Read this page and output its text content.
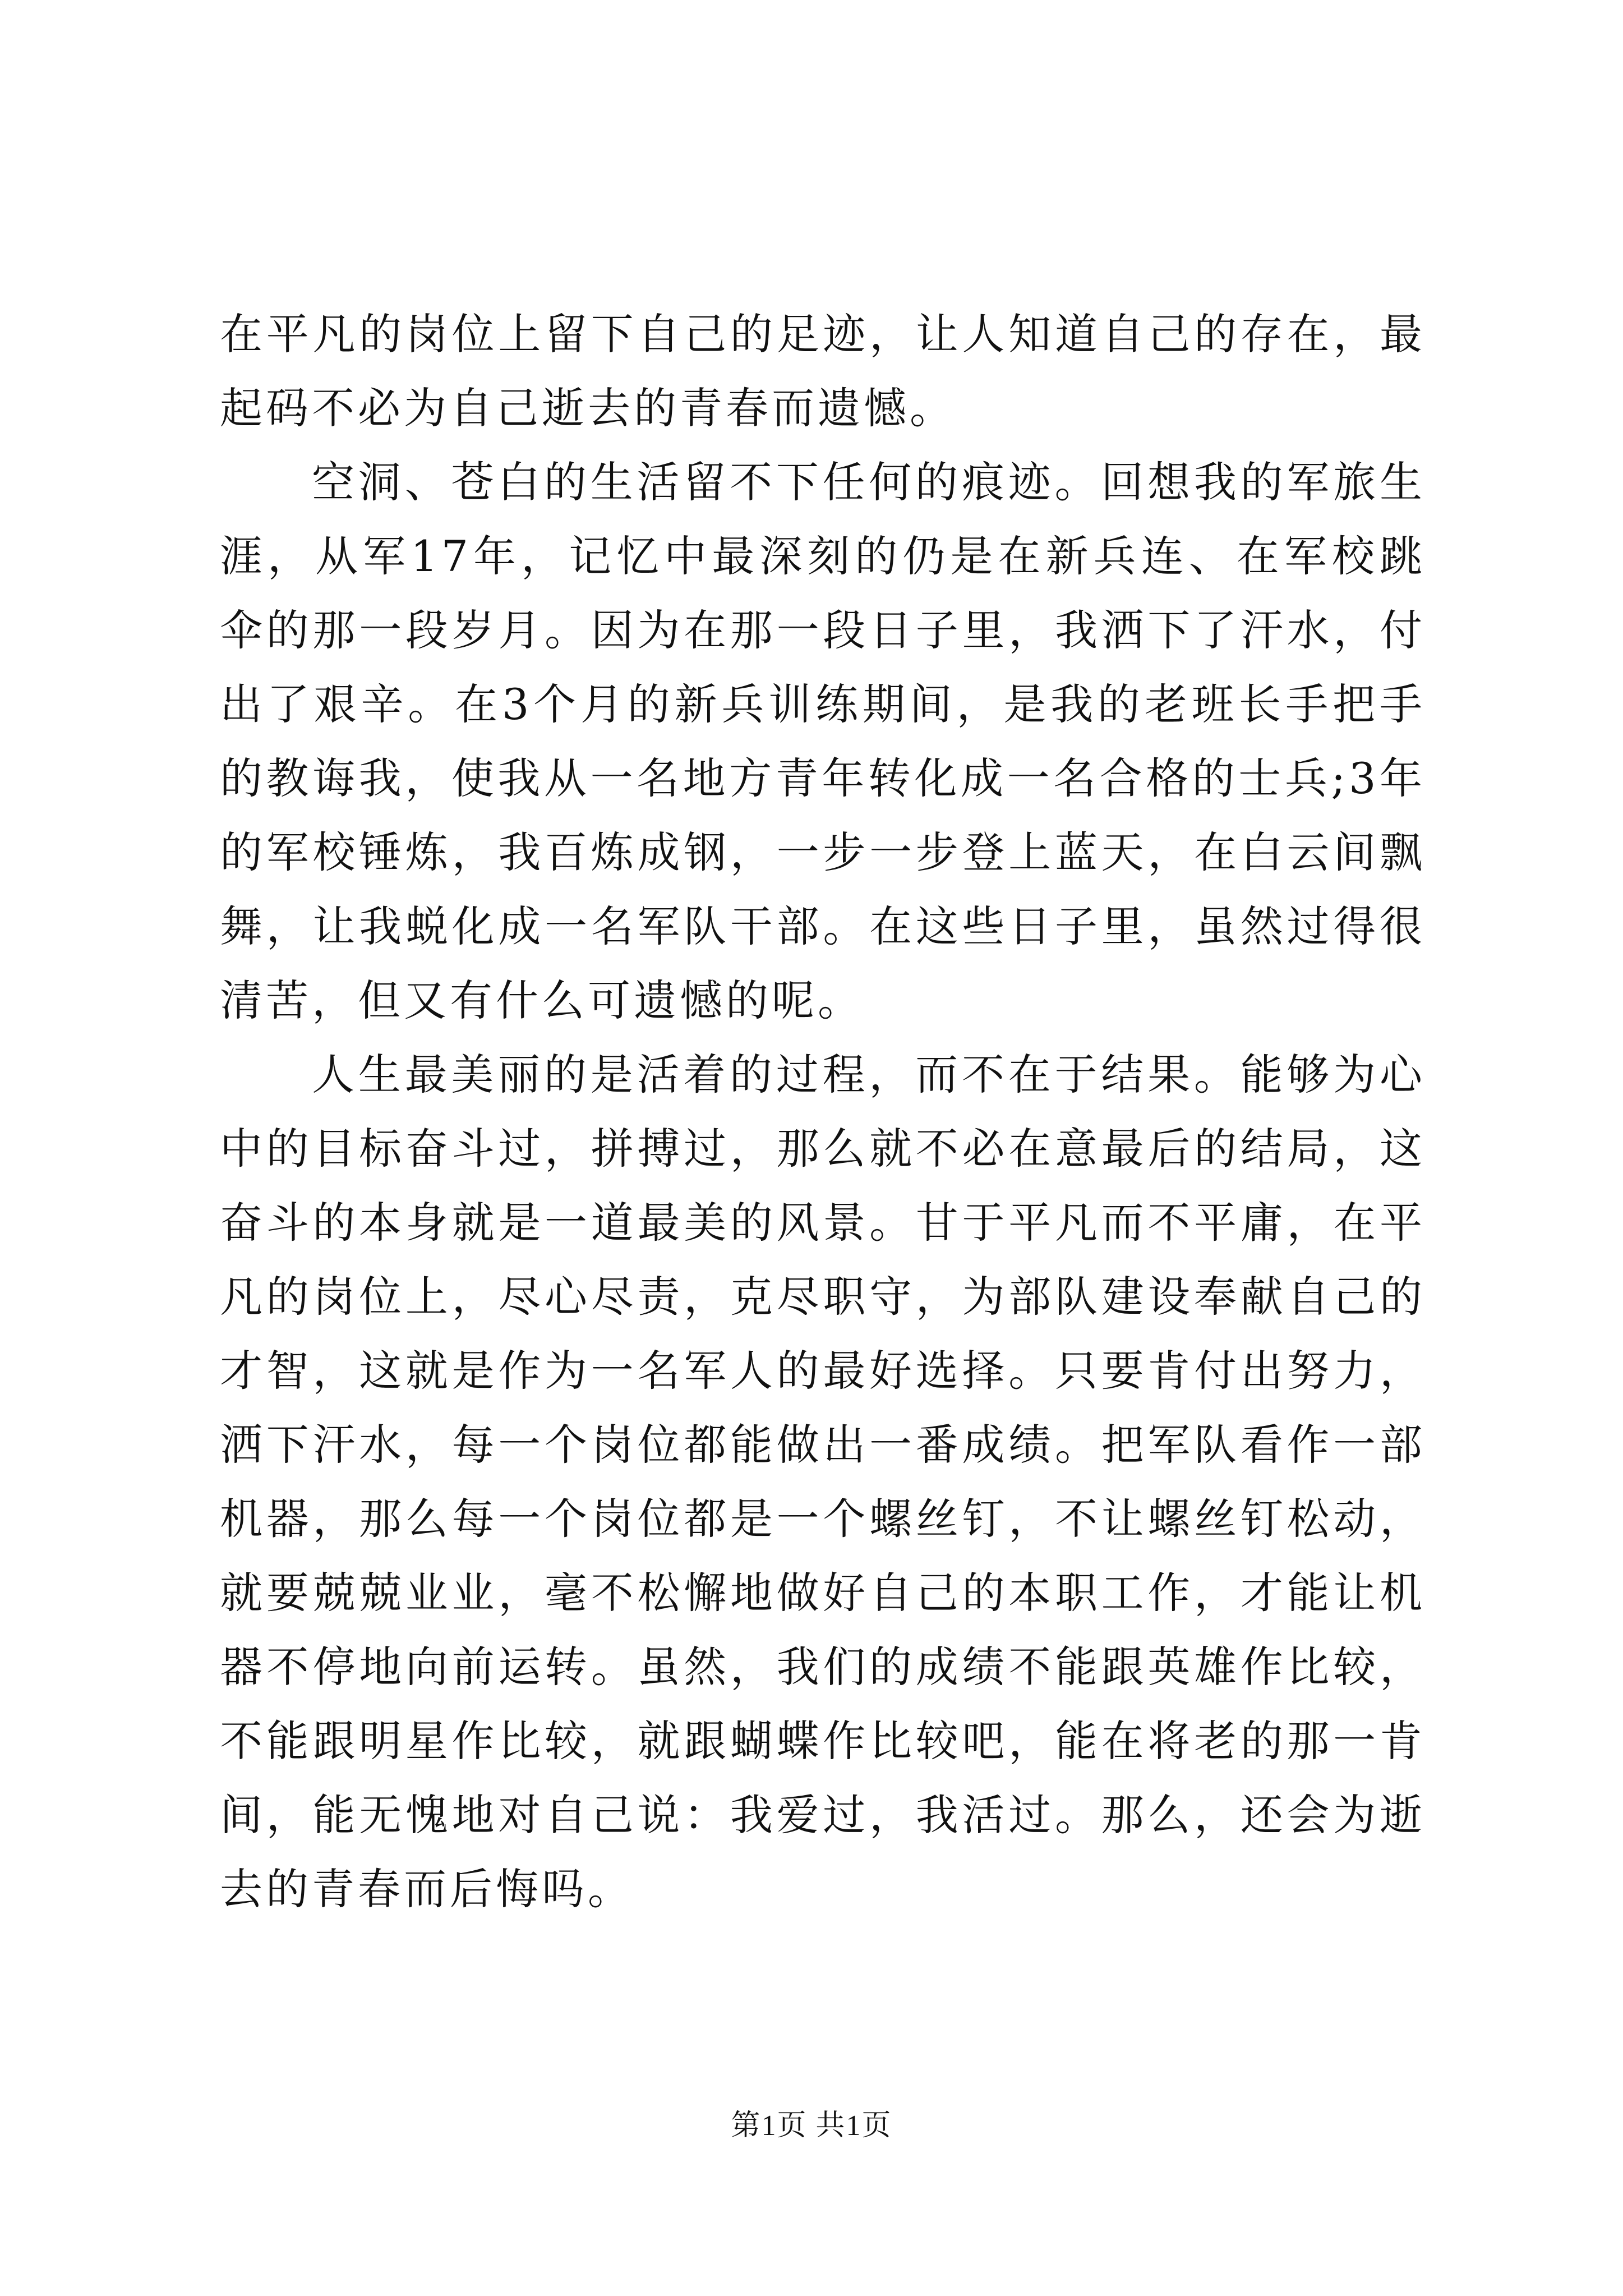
在平凡的岗位上留下自己的足迹，让人知道自己的存在，最起码不必为自己逝去的青春而遗憾。

空洞、苍白的生活留不下任何的痕迹。回想我的军旅生涯，从军17年，记忆中最深刻的仍是在新兵连、在军校跳伞的那一段岁月。因为在那一段日子里，我洒下了汗水，付出了艰辛。在3个月的新兵训练期间，是我的老班长手把手的教诲我，使我从一名地方青年转化成一名合格的士兵;3年的军校锤炼，我百炼成钢，一步一步登上蓝天，在白云间飘舞，让我蜕化成一名军队干部。在这些日子里，虽然过得很清苦，但又有什么可遗憾的呢。

人生最美丽的是活着的过程，而不在于结果。能够为心中的目标奋斗过，拼搏过，那么就不必在意最后的结局，这奋斗的本身就是一道最美的风景。甘于平凡而不平庸，在平凡的岗位上，尽心尽责，克尽职守，为部队建设奉献自己的才智，这就是作为一名军人的最好选择。只要肯付出努力，洒下汗水，每一个岗位都能做出一番成绩。把军队看作一部机器，那么每一个岗位都是一个螺丝钉，不让螺丝钉松动，就要兢兢业业，毫不松懈地做好自己的本职工作，才能让机器不停地向前运转。虽然，我们的成绩不能跟英雄作比较，不能跟明星作比较，就跟蝴蝶作比较吧，能在将老的那一肯间，能无愧地对自己说：我爱过，我活过。那么，还会为逝去的青春而后悔吗。

第1页 共1页
